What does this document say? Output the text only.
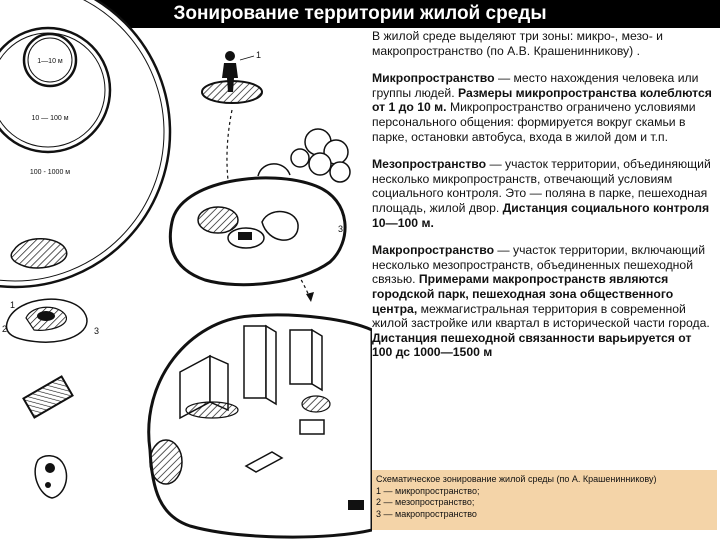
Зонирование территории жилой среды
1—10 м
10 — 100 м
100 - 1000 м
1
3
1
2	3

В жилой среде выделяют три зоны: микро-, мезо- и макропространство (по А.В. Крашенинникову) .

Микропространство — место нахождения человека или группы людей. Размеры микропространства колеблются от 1 до 10 м. Микропространство ограничено условиями персонального общения: формируется вокруг скамьи в парке, остановки автобуса, входа в жилой дом и т.п.

Мезопространство — участок территории, объединяющий несколько микропространств, отвечающий условиям социального контроля. Это — поляна в парке, пешеходная площадь, жилой двор. Дистанция социального контроля 10—100 м.

Макропространство — участок территории, включающий несколько мезопространств, объединенных пешеходной связью. Примерами макропространств являются городской парк, пешеходная зона общественного центра, межмагистральная территория в современной жилой застройке или квартал в исторической части города. Дистанция пешеходной связанности варьируется от 100 дс 1000—1500 м

Схематическое зонирование жилой среды (по А. Крашенинникову)
1 — микропространство;
2 — мезопространство;
3 — макропространство
